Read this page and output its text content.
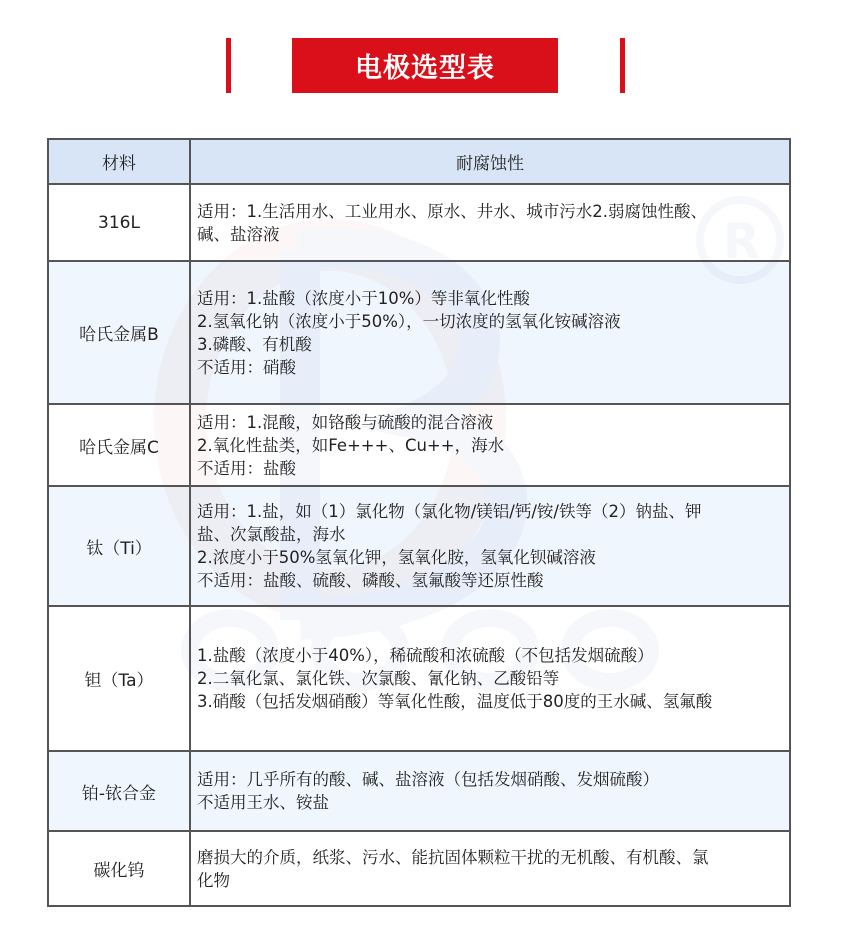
R
电极选型表
材料	耐腐蚀性
316L	适用：1.生活用水、工业用水、原水、井水、城市污水2.弱腐蚀性酸、
碱、盐溶液

哈氏金属B	适用：1.盐酸（浓度小于10%）等非氧化性酸
2.氢氧化钠（浓度小于50%），一切浓度的氢氧化铵碱溶液
3.磷酸、有机酸
不适用：硝酸

哈氏金属C	适用：1.混酸，如铬酸与硫酸的混合溶液
2.氧化性盐类，如Fe+++、Cu++，海水
不适用：盐酸

钛（Ti）	适用：1.盐，如（1）氯化物（氯化物/镁铝/钙/铵/铁等（2）钠盐、钾
盐、次氯酸盐，海水
2.浓度小于50%氢氧化钾，氢氧化胺，氢氧化钡碱溶液
不适用：盐酸、硫酸、磷酸、氢氟酸等还原性酸

钽（Ta）	1.盐酸（浓度小于40%），稀硫酸和浓硫酸（不包括发烟硫酸）
2.二氧化氯、氯化铁、次氯酸、氰化钠、乙酸铅等
3.硝酸（包括发烟硝酸）等氧化性酸，温度低于80度的王水碱、氢氟酸

铂-铱合金	适用：几乎所有的酸、碱、盐溶液（包括发烟硝酸、发烟硫酸）
不适用王水、铵盐

碳化钨	磨损大的介质，纸浆、污水、能抗固体颗粒干扰的无机酸、有机酸、氯
化物
